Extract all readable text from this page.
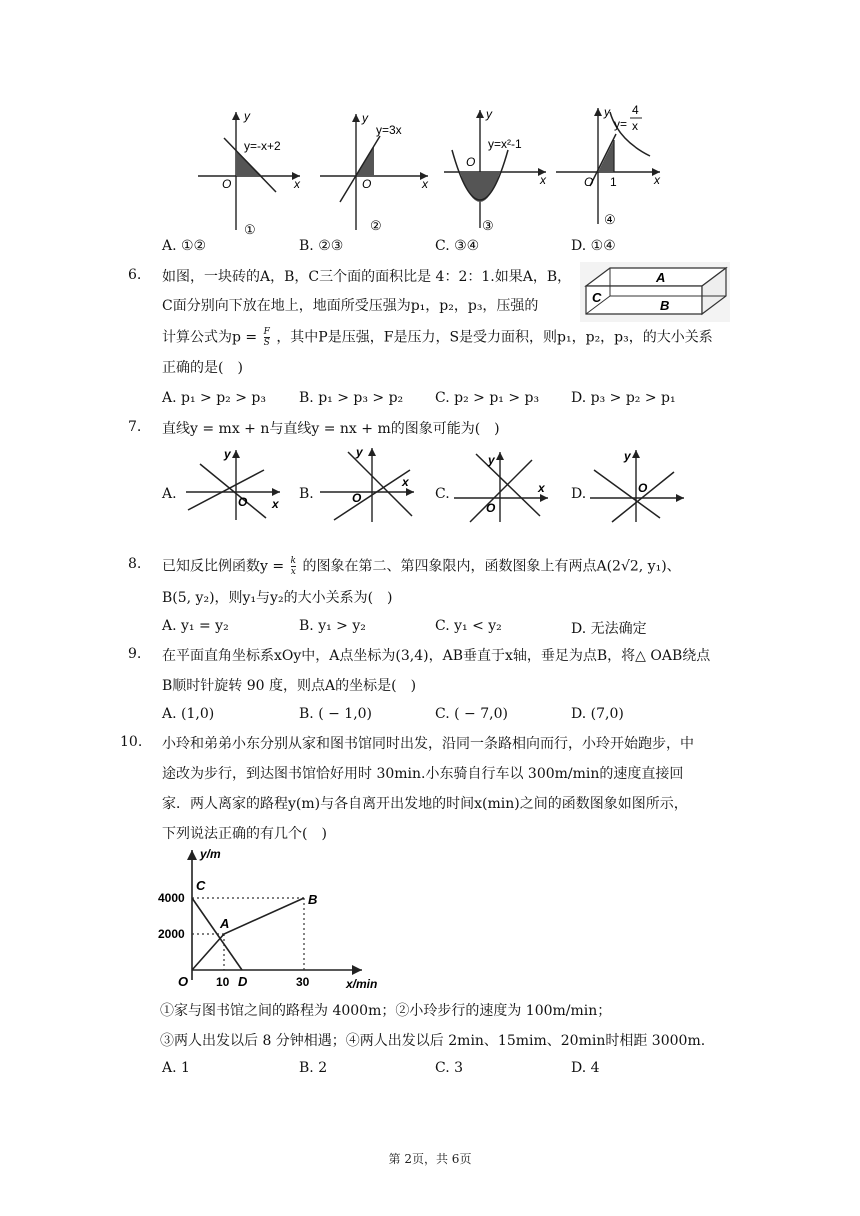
y
x
O
y=-x+2
①
y
x
O
y=3x
②
y
x
O
y=x²-1
③
y
x
O 1
y=
4
x
④
A. ①②	B. ②③	C. ③④	D. ①④
6. 如图，一块砖的A，B，C三个面的面积比是 4：2：1.如果A，B，
C面分别向下放在地上，地面所受压强为p₁，p₂，p₃，压强的
计算公式为$p = \frac{F}{S}$ ，其中P是压强，F是压力，S是受力面积，则p₁，p₂，p₃，的大小关系
正确的是(　)
A
B
C
A. p₁ > p₂ > p₃ B. p₁ > p₃ > p₂ C. p₂ > p₁ > p₃ D. p₃ > p₂ > p₁
7. 直线y = mx + n与直线y = nx + m的图象可能为(　)
A.	B.	C.	D.
y
x
O
y
x
O
y
x
O
y
O
8. 已知反比例函数$y = \frac{k}{x}$ 的图象在第二、第四象限内，函数图象上有两点A(2√2, y₁)、
B(5, y₂)，则y₁与y₂的大小关系为(　)
A. y₁ = y₂	B. y₁ > y₂	C. y₁ < y₂	D. 无法确定
9. 在平面直角坐标系xOy中，A点坐标为(3,4)，AB垂直于x轴，垂足为点B，将△ OAB绕点
B顺时针旋转 90 度，则点A的坐标是(　)
A. (1,0)	B. ( − 1,0)	C. ( − 7,0)	D. (7,0)
10. 小玲和弟弟小东分别从家和图书馆同时出发，沿同一条路相向而行，小玲开始跑步，中
途改为步行，到达图书馆恰好用时 30min.小东骑自行车以 300m/min的速度直接回
家．两人离家的路程y(m)与各自离开出发地的时间x(min)之间的函数图象如图所示，
下列说法正确的有几个(　)
y/m
x/min
4000
2000
10	30
O
C
A
B
D
①家与图书馆之间的路程为 4000m；②小玲步行的速度为 100m/min；
③两人出发以后 8 分钟相遇；④两人出发以后 2min、15mim、20min时相距 3000m.
A. 1	B. 2	C. 3	D. 4
第 2页，共 6页
